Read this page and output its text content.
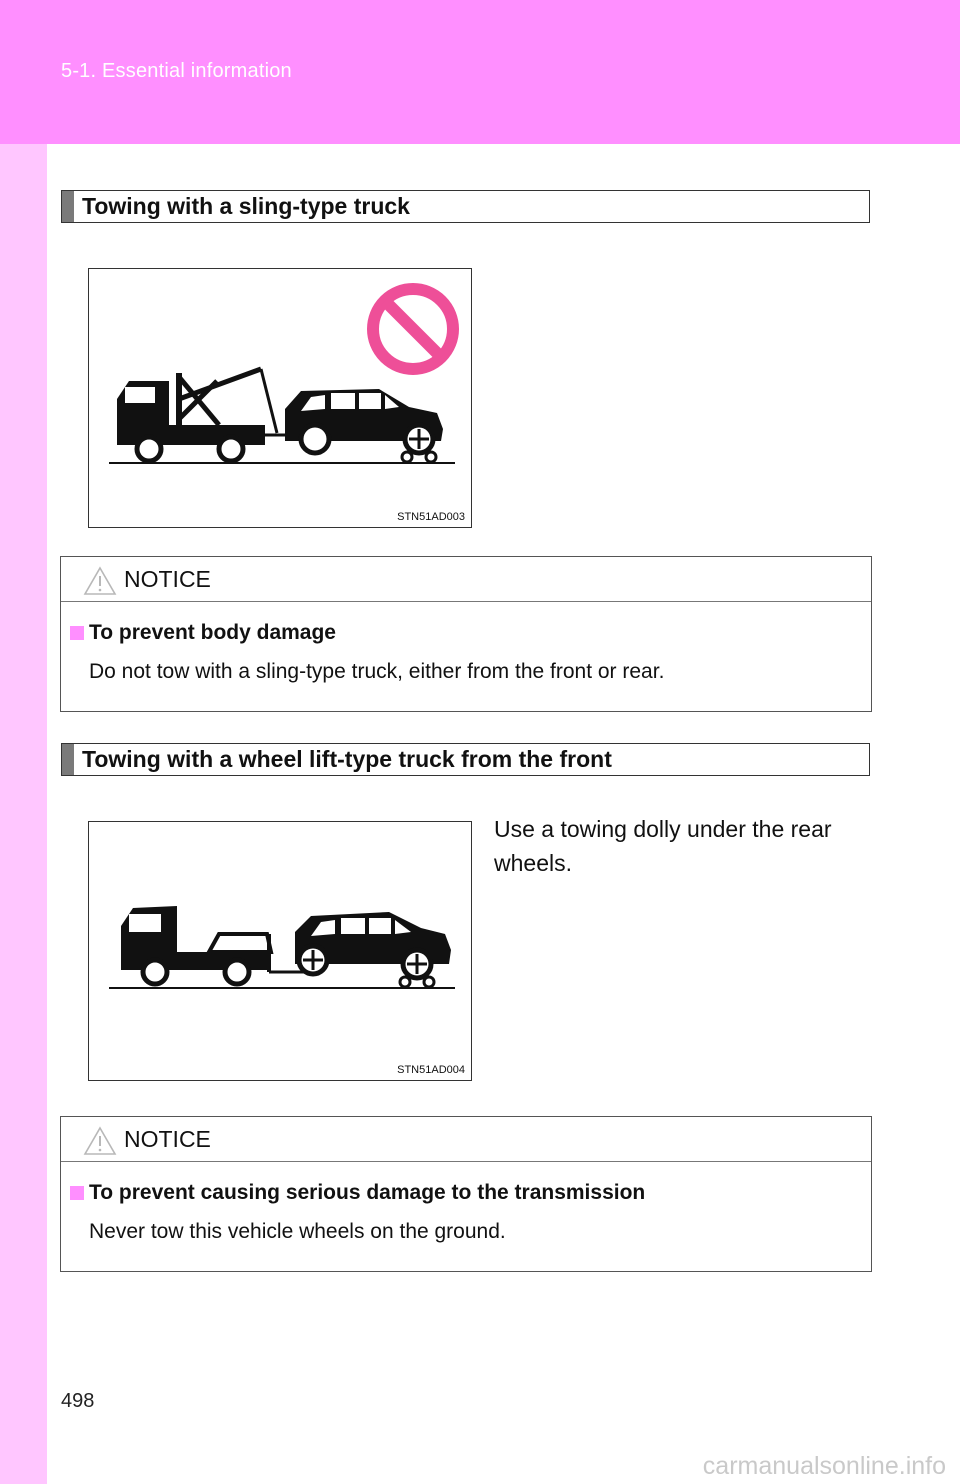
5-1. Essential information
Towing with a sling-type truck
STN51AD003
NOTICE
To prevent body damage
Do not tow with a sling-type truck, either from the front or rear.
Towing with a wheel lift-type truck from the front
STN51AD004
Use a towing dolly under the rear wheels.
NOTICE
To prevent causing serious damage to the transmission
Never tow this vehicle wheels on the ground.
498
carmanualsonline.info
